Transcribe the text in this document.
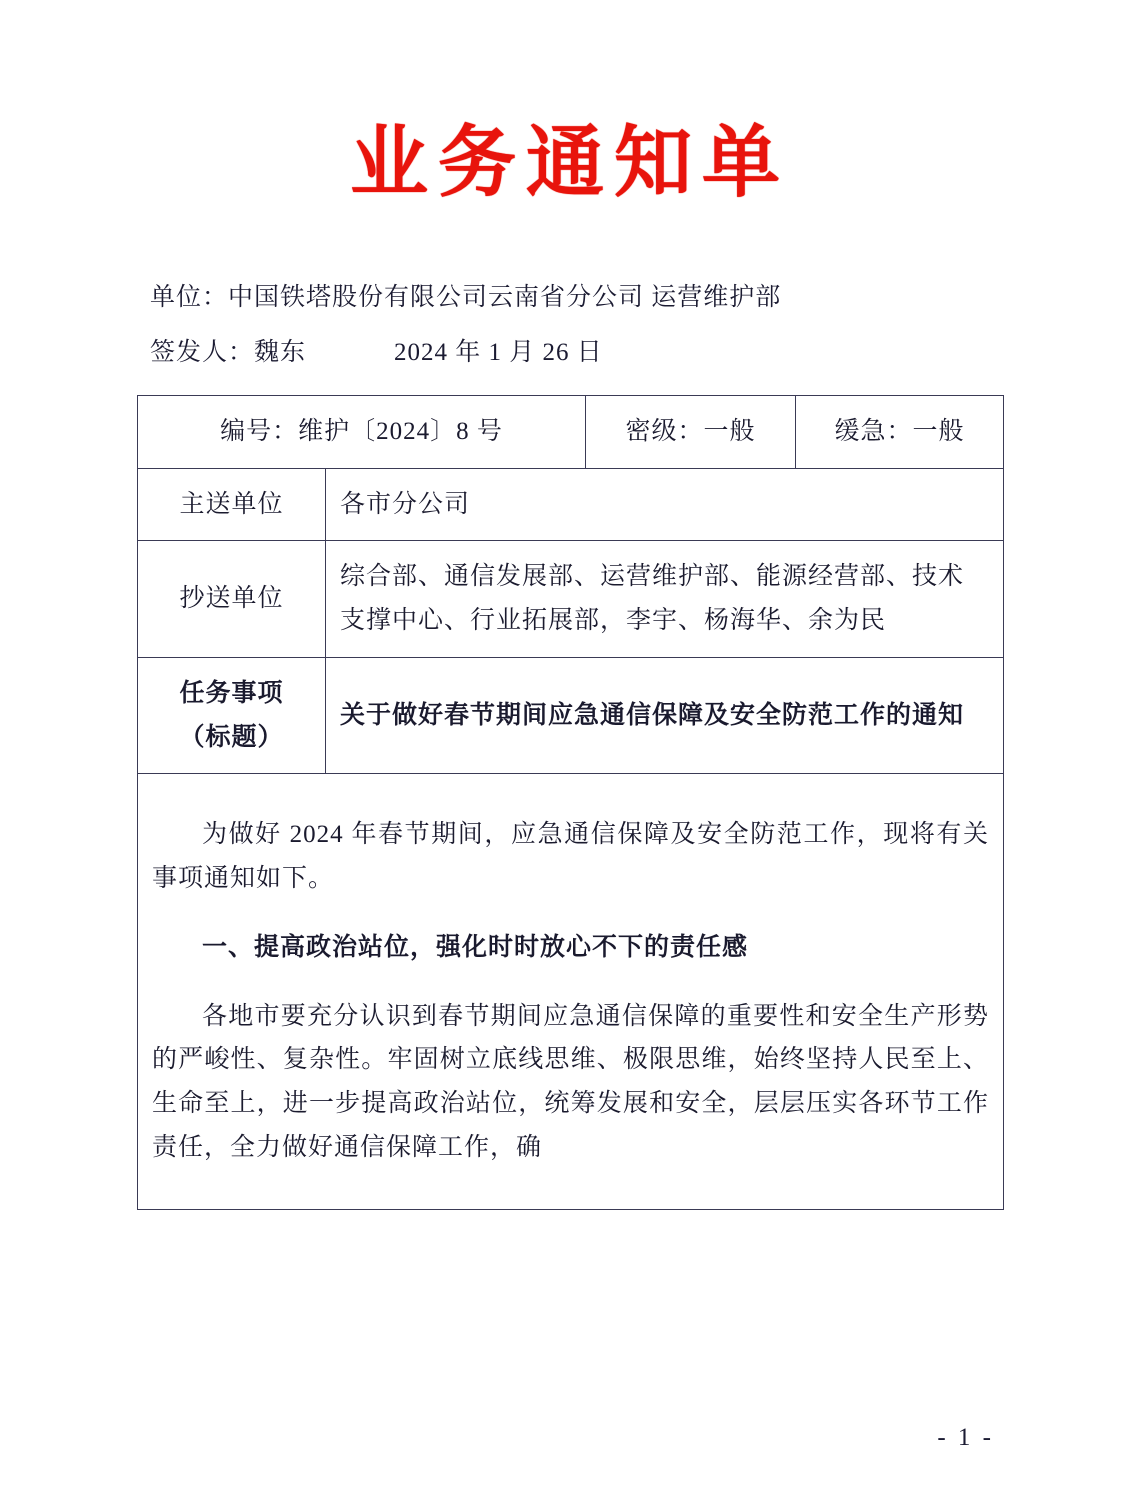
业务通知单
单位： 中国铁塔股份有限公司云南省分公司 运营维护部
签发人： 魏东	2024 年 1 月 26 日
编号：维护〔2024〕8 号		密级：一般	缓急：一般
主送单位	各市分公司		
抄送单位	综合部、通信发展部、运营维护部、能源经营部、技术支撑中心、行业拓展部，李宇、杨海华、余为民		
任务事项
（标题）	关于做好春节期间应急通信保障及安全防范工作的通知		

为做好 2024 年春节期间，应急通信保障及安全防范工作，现将有关事项通知如下。

一、提高政治站位，强化时时放心不下的责任感

各地市要充分认识到春节期间应急通信保障的重要性和安全生产形势的严峻性、复杂性。牢固树立底线思维、极限思维，始终坚持人民至上、生命至上，进一步提高政治站位，统筹发展和安全，层层压实各环节工作责任，全力做好通信保障工作，确			

- 1 -
